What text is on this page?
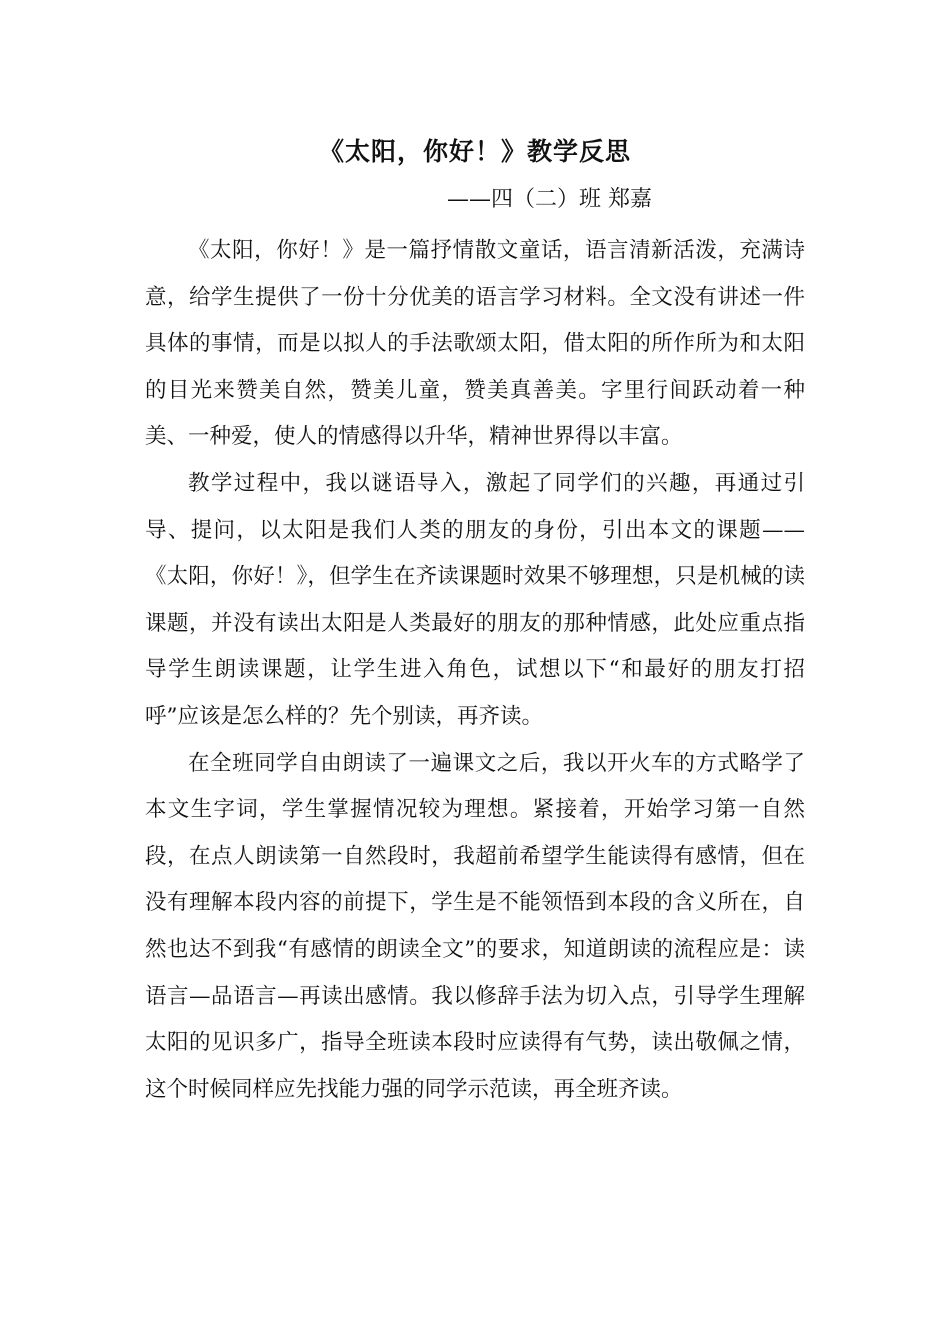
《太阳，你好！》教学反思
——四（二）班 郑嘉

《太阳，你好！》是一篇抒情散文童话，语言清新活泼，充满诗意，给学生提供了一份十分优美的语言学习材料。全文没有讲述一件具体的事情，而是以拟人的手法歌颂太阳，借太阳的所作所为和太阳的目光来赞美自然，赞美儿童，赞美真善美。字里行间跃动着一种美、一种爱，使人的情感得以升华，精神世界得以丰富。

教学过程中，我以谜语导入，激起了同学们的兴趣，再通过引导、提问，以太阳是我们人类的朋友的身份，引出本文的课题——《太阳，你好！》，但学生在齐读课题时效果不够理想，只是机械的读课题，并没有读出太阳是人类最好的朋友的那种情感，此处应重点指导学生朗读课题，让学生进入角色，试想以下“和最好的朋友打招呼”应该是怎么样的？先个别读，再齐读。

在全班同学自由朗读了一遍课文之后，我以开火车的方式略学了本文生字词，学生掌握情况较为理想。紧接着，开始学习第一自然段，在点人朗读第一自然段时，我超前希望学生能读得有感情，但在没有理解本段内容的前提下，学生是不能领悟到本段的含义所在，自然也达不到我“有感情的朗读全文”的要求，知道朗读的流程应是：读语言—品语言—再读出感情。我以修辞手法为切入点，引导学生理解太阳的见识多广，指导全班读本段时应读得有气势，读出敬佩之情，这个时候同样应先找能力强的同学示范读，再全班齐读。
